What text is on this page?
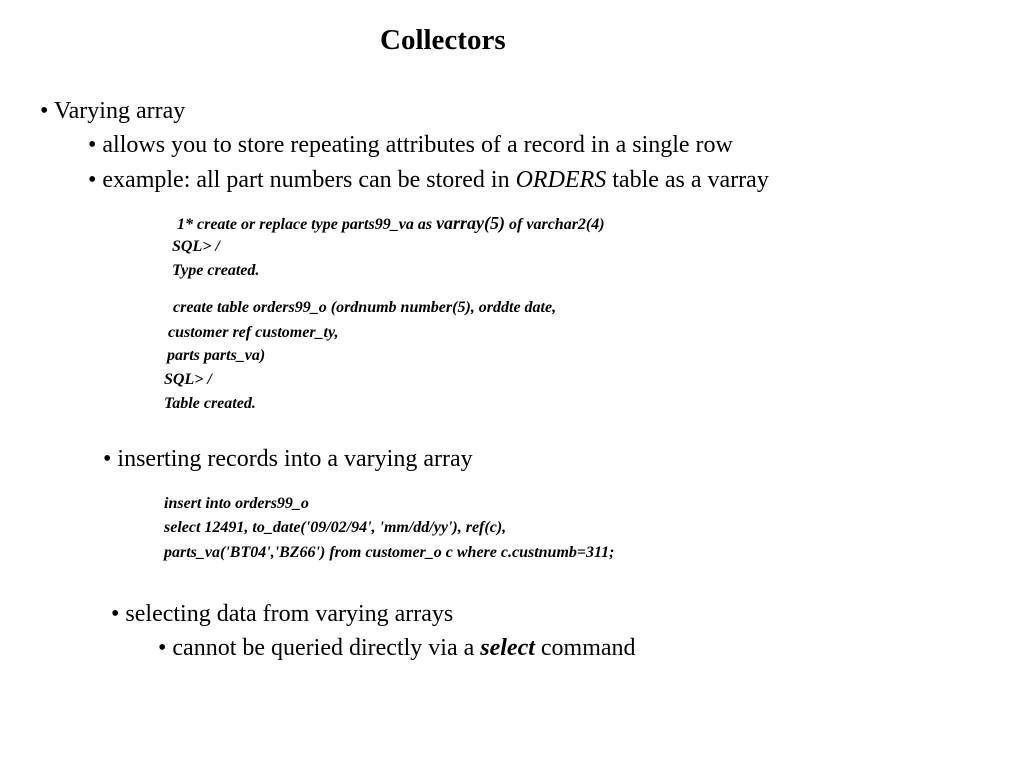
Collectors
• Varying array
• allows you to store repeating attributes of a record in a single row
• example: all part numbers can be stored in ORDERS table as a varray
1* create or replace type parts99_va as varray(5) of varchar2(4)
SQL> /
Type created.
create table orders99_o (ordnumb number(5), orddte date,
customer ref customer_ty,
parts parts_va)
SQL> /
Table created.
• inserting records into a varying array
insert into orders99_o
select 12491, to_date('09/02/94', 'mm/dd/yy'), ref(c),
parts_va('BT04','BZ66') from customer_o c where c.custnumb=311;
• selecting data from varying arrays
• cannot be queried directly via a select command
